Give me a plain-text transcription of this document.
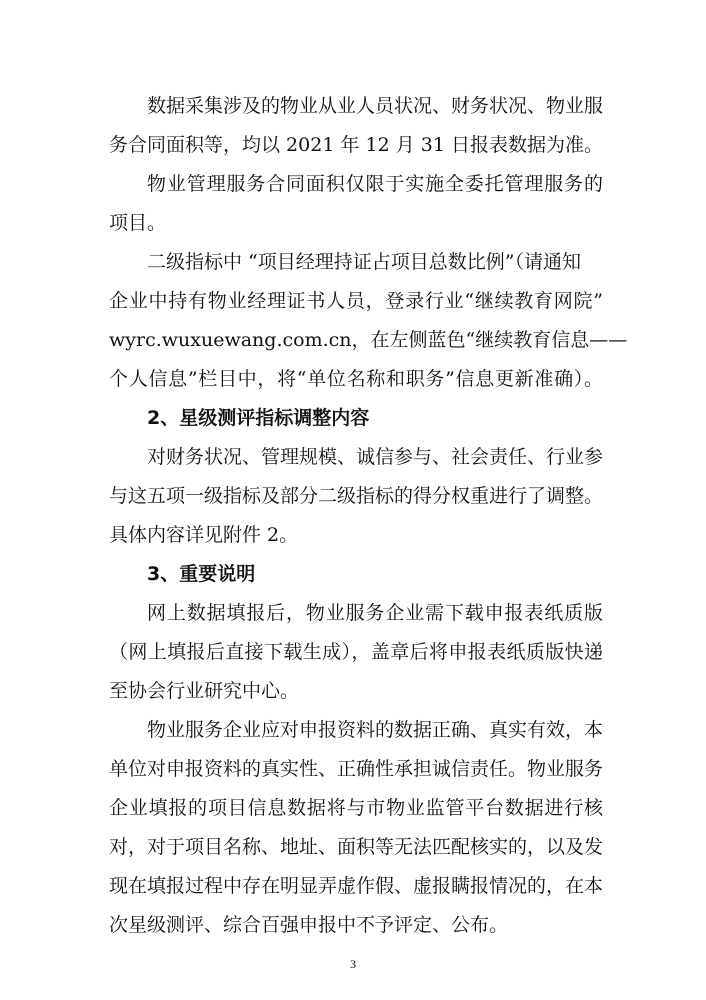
数据采集涉及的物业从业人员状况、财务状况、物业服
务合同面积等，均以 2021 年 12 月 31 日报表数据为准。
物业管理服务合同面积仅限于实施全委托管理服务的
项目。
二级指标中 “项目经理持证占项目总数比例”（请通知
企业中持有物业经理证书人员，登录行业“继续教育网院”
wyrc.wuxuewang.com.cn，在左侧蓝色“继续教育信息——
个人信息”栏目中，将“单位名称和职务”信息更新准确）。
2、星级测评指标调整内容
对财务状况、管理规模、诚信参与、社会责任、行业参
与这五项一级指标及部分二级指标的得分权重进行了调整。
具体内容详见附件 2。
3、重要说明
网上数据填报后，物业服务企业需下载申报表纸质版
（网上填报后直接下载生成），盖章后将申报表纸质版快递
至协会行业研究中心。
物业服务企业应对申报资料的数据正确、真实有效，本
单位对申报资料的真实性、正确性承担诚信责任。物业服务
企业填报的项目信息数据将与市物业监管平台数据进行核
对，对于项目名称、地址、面积等无法匹配核实的，以及发
现在填报过程中存在明显弄虚作假、虚报瞒报情况的，在本
次星级测评、综合百强申报中不予评定、公布。
3
